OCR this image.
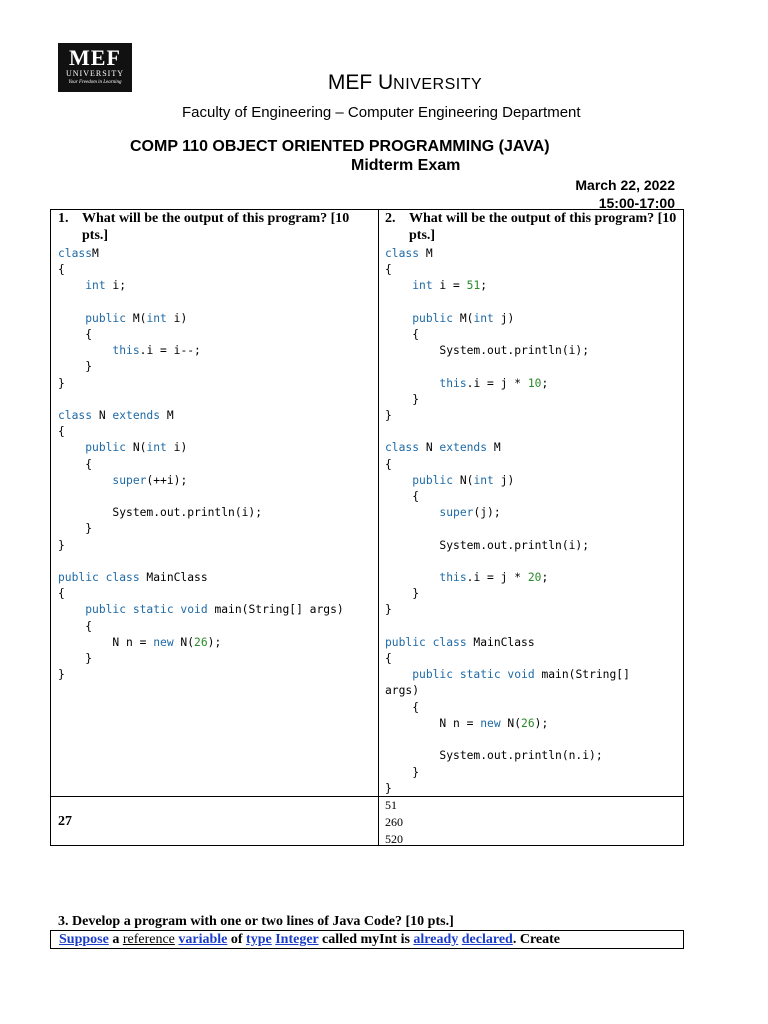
MEF
UNIVERSITY
Your Freedom in Learning	MEF UNIVERSITY
Faculty of Engineering – Computer Engineering Department
COMP 110 OBJECT ORIENTED PROGRAMMING (JAVA)
Midterm Exam
March 22, 2022
15:00-17:00
1. What will be the output of this program? [10 pts.]
classM
{
int i;

public M(int i)
{
this.i = i--;
}
}

class N extends M
{
public N(int i)
{
super(++i);

System.out.println(i);
}
}

public class MainClass
{
public static void main(String[] args)
{
N n = new N(26);
}
}
2. What will be the output of this program? [10 pts.]
class M
{
int i = 51;

public M(int j)
{
System.out.println(i);

this.i = j * 10;
}
}

class N extends M
{
public N(int j)
{
super(j);

System.out.println(i);

this.i = j * 20;
}
}

public class MainClass
{
public static void main(String[]
args)
{
N n = new N(26);

System.out.println(n.i);
}
}
27
51
260
520
3. Develop a program with one or two lines of Java Code? [10 pts.]
Suppose a reference variable of type Integer called myInt is already declared. Create
